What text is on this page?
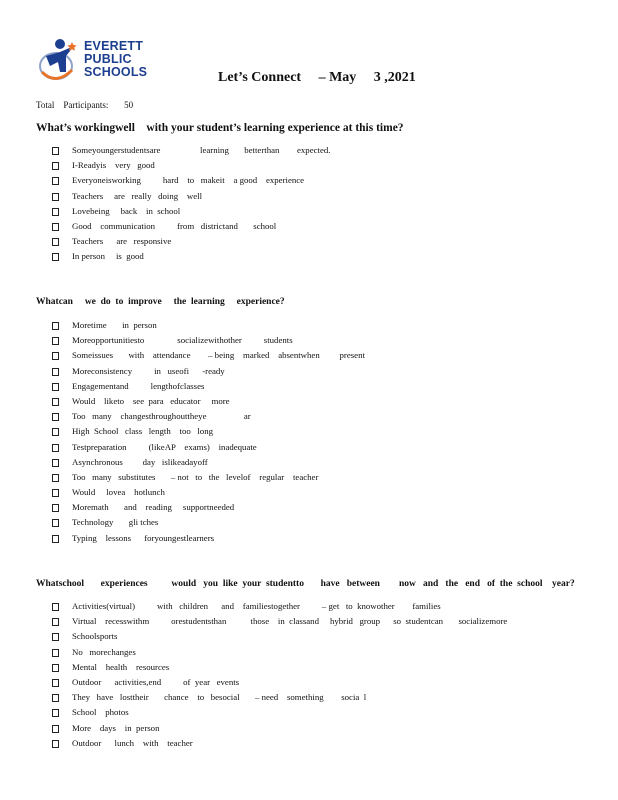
EVERETT
PUBLIC
SCHOOLS	Let’s Connect     – May     3 ,2021
Total    Participants:       50
What’s workingwell    with your student’s learning experience at this time?
Someyoungerstudentsare                  learning       betterthan        expected.
I-Readyis    very   good
Everyoneisworking          hard    to   makeit    a good    experience
Teachers     are   really   doing    well
Lovebeing     back    in  school
Good    communication          from   districtand       school
Teachers      are   responsive
In person     is  good
Whatcan     we  do  to  improve     the  learning     experience?
Moretime       in  person
Moreopportunitiesto               socializewithother          students
Someissues       with    attendance        – being    marked    absentwhen         present
Moreconsistency          in   useofi      -ready
Engagementand          lengthofclasses
Would    liketo    see  para   educator     more
Too   many    changesthroughouttheye                 ar
High  School   class   length    too   long
Testpreparation          (likeAP    exams)    inadequate
Asynchronous         day   islikeadayoff
Too   many   substitutes       – not   to   the   levelof    regular    teacher
Would     lovea    hotlunch
Moremath       and    reading     supportneeded
Technology       gli tches
Typing    lessons      foryoungestlearners
Whatschool       experiences          would   you  like  your  studentto       have   between        now   and   the   end   of  the  school    year?
Activities(virtual)          with   children      and    familiestogether          – get   to  knowother        families
Virtual    recesswithm          orestudentsthan           those    in  classand     hybrid   group      so  studentcan       socializemore
Schoolsports
No   morechanges
Mental    health    resources
Outdoor      activities,end          of  year   events
They   have   losttheir       chance    to   besocial       – need    something        socia  l
School    photos
More    days    in  person
Outdoor      lunch    with    teacher
